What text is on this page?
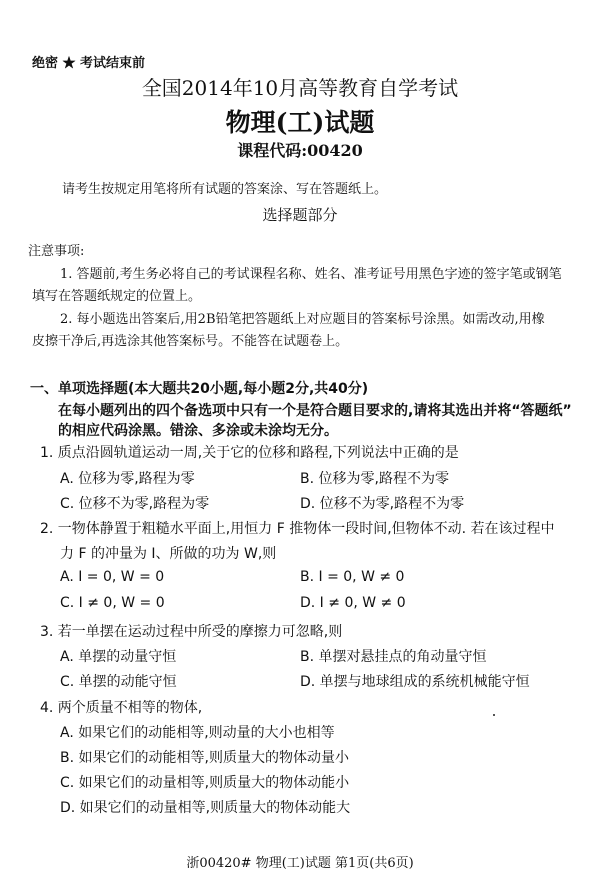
绝密 ★ 考试结束前
全国2014年10月高等教育自学考试
物理(工)试题
课程代码:00420
请考生按规定用笔将所有试题的答案涂、写在答题纸上。
选择题部分
注意事项:
1. 答题前,考生务必将自己的考试课程名称、姓名、准考证号用黑色字迹的签字笔或钢笔
填写在答题纸规定的位置上。
2. 每小题选出答案后,用2B铅笔把答题纸上对应题目的答案标号涂黑。如需改动,用橡
皮擦干净后,再选涂其他答案标号。不能答在试题卷上。
一、单项选择题(本大题共20小题,每小题2分,共40分)
在每小题列出的四个备选项中只有一个是符合题目要求的,请将其选出并将“答题纸”
的相应代码涂黑。错涂、多涂或未涂均无分。
1. 质点沿圆轨道运动一周,关于它的位移和路程,下列说法中正确的是
A. 位移为零,路程为零	B. 位移为零,路程不为零
C. 位移不为零,路程为零	D. 位移不为零,路程不为零
2. 一物体静置于粗糙水平面上,用恒力 F 推物体一段时间,但物体不动. 若在该过程中
力 F 的冲量为 I、所做的功为 W,则
A. I = 0, W = 0	B. I = 0, W ≠ 0
C. I ≠ 0, W = 0	D. I ≠ 0, W ≠ 0
3. 若一单摆在运动过程中所受的摩擦力可忽略,则
A. 单摆的动量守恒	B. 单摆对悬挂点的角动量守恒
C. 单摆的动能守恒	D. 单摆与地球组成的系统机械能守恒
4. 两个质量不相等的物体,
A. 如果它们的动能相等,则动量的大小也相等
B. 如果它们的动能相等,则质量大的物体动量小
C. 如果它们的动量相等,则质量大的物体动能小
D. 如果它们的动量相等,则质量大的物体动能大
浙00420# 物理(工)试题 第1页(共6页)
